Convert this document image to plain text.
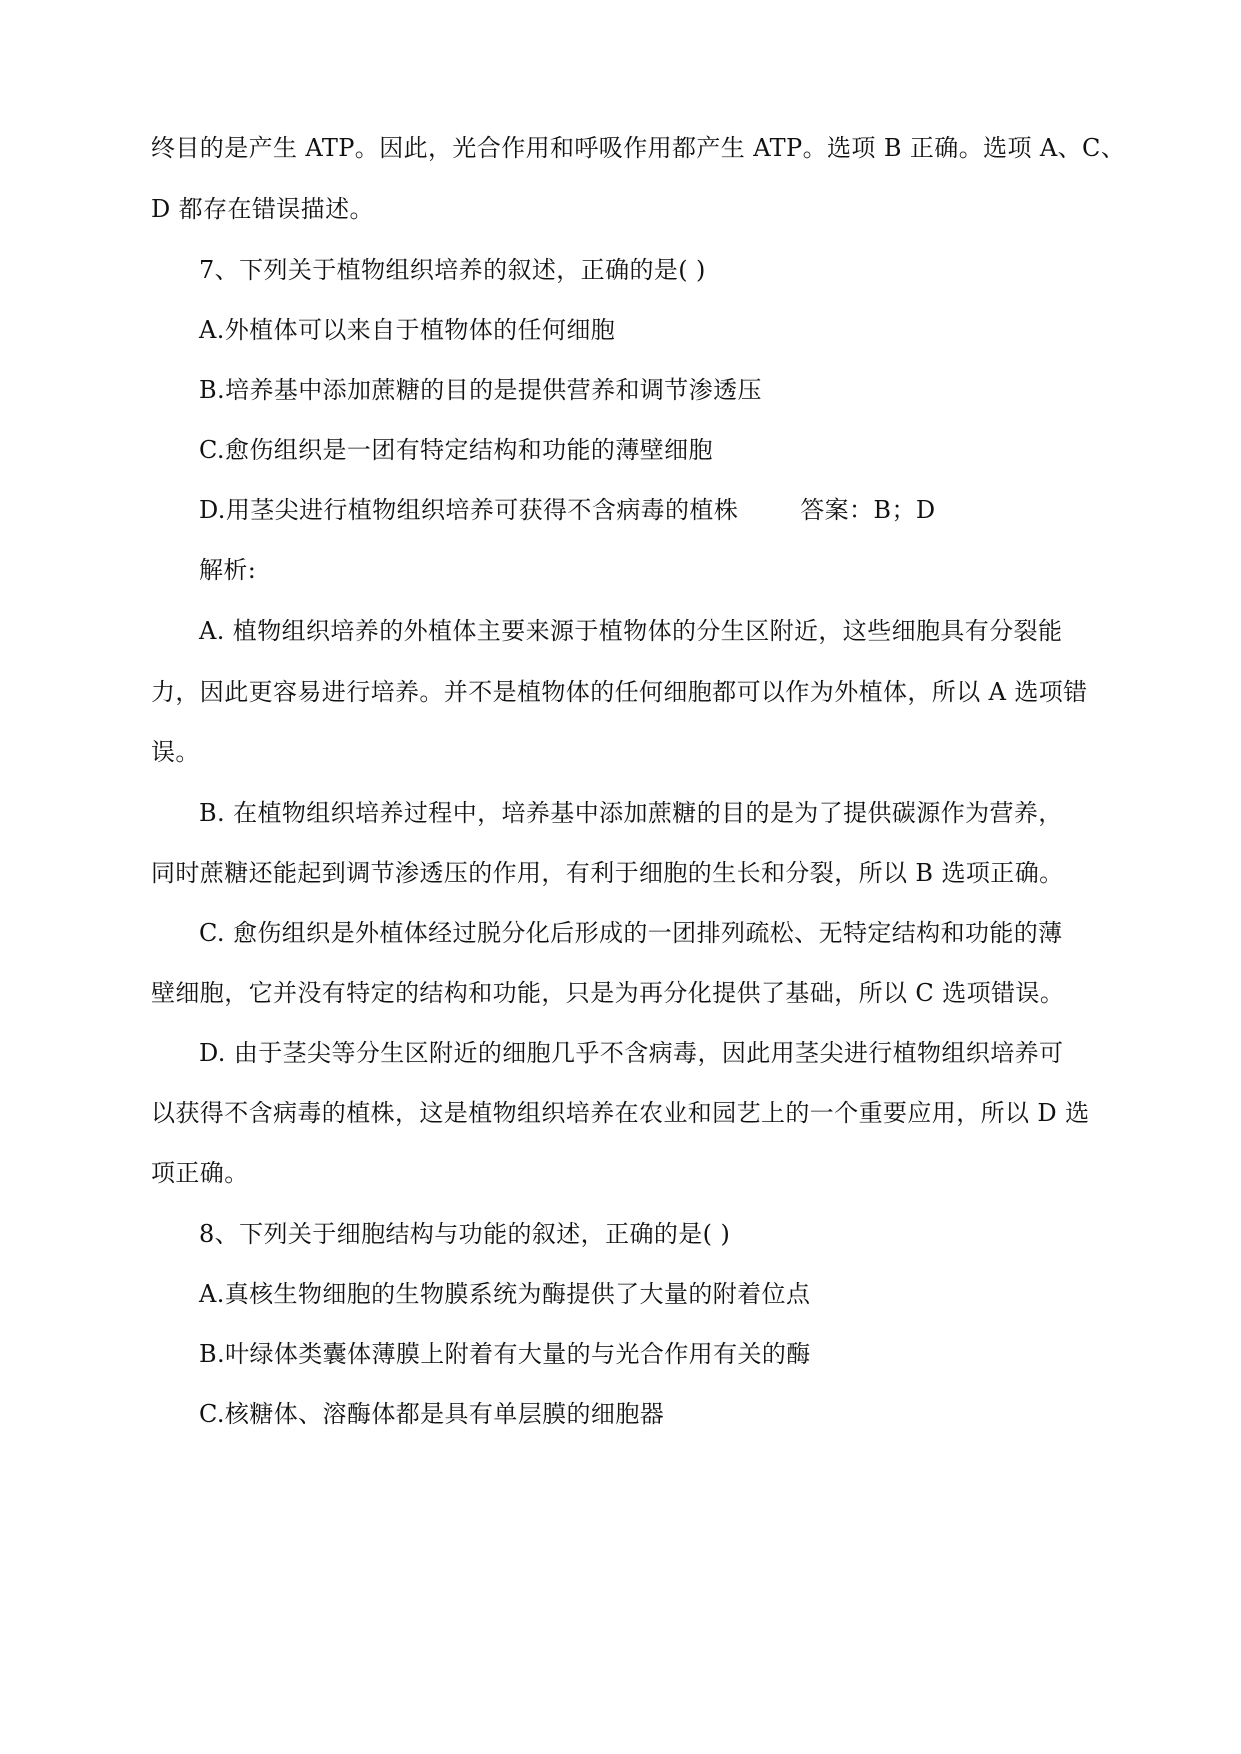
终目的是产生 ATP。因此，光合作用和呼吸作用都产生 ATP。选项 B 正确。选项 A、C、
D 都存在错误描述。
7、下列关于植物组织培养的叙述，正确的是( )
A.外植体可以来自于植物体的任何细胞
B.培养基中添加蔗糖的目的是提供营养和调节渗透压
C.愈伤组织是一团有特定结构和功能的薄壁细胞
D.用茎尖进行植物组织培养可获得不含病毒的植株	答案：B；D
解析:
A. 植物组织培养的外植体主要来源于植物体的分生区附近，这些细胞具有分裂能
力，因此更容易进行培养。并不是植物体的任何细胞都可以作为外植体，所以 A 选项错
误。
B. 在植物组织培养过程中，培养基中添加蔗糖的目的是为了提供碳源作为营养，
同时蔗糖还能起到调节渗透压的作用，有利于细胞的生长和分裂，所以 B 选项正确。
C. 愈伤组织是外植体经过脱分化后形成的一团排列疏松、无特定结构和功能的薄
壁细胞，它并没有特定的结构和功能，只是为再分化提供了基础，所以 C 选项错误。
D. 由于茎尖等分生区附近的细胞几乎不含病毒，因此用茎尖进行植物组织培养可
以获得不含病毒的植株，这是植物组织培养在农业和园艺上的一个重要应用，所以 D 选
项正确。
8、下列关于细胞结构与功能的叙述，正确的是( )
A.真核生物细胞的生物膜系统为酶提供了大量的附着位点
B.叶绿体类囊体薄膜上附着有大量的与光合作用有关的酶
C.核糖体、溶酶体都是具有单层膜的细胞器
